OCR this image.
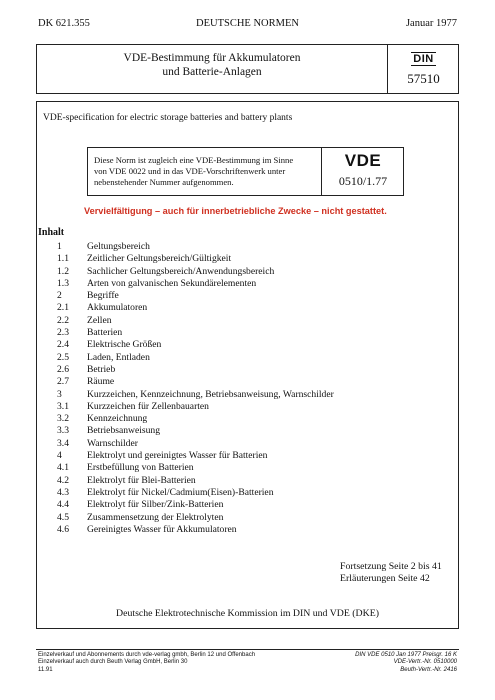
DK 621.355	DEUTSCHE NORMEN	Januar 1977
VDE-Bestimmung für Akkumulatoren
und Batterie-Anlagen
DIN
57510
VDE-specification for electric storage batteries and battery plants
Diese Norm ist zugleich eine VDE-Bestimmung im Sinne
von VDE 0022 und in das VDE-Vorschriftenwerk unter
nebenstehender Nummer aufgenommen.
VDE
0510/1.77
Vervielfältigung – auch für innerbetriebliche Zwecke – nicht gestattet.
Inhalt
1	Geltungsbereich
1.1 Zeitlicher Geltungsbereich/Gültigkeit
1.2 Sachlicher Geltungsbereich/Anwendungsbereich
1.3 Arten von galvanischen Sekundärelementen
2	Begriffe
2.1 Akkumulatoren
2.2 Zellen
2.3 Batterien
2.4 Elektrische Größen
2.5 Laden, Entladen
2.6 Betrieb
2.7 Räume
3	Kurzzeichen, Kennzeichnung, Betriebsanweisung, Warnschilder
3.1 Kurzzeichen für Zellenbauarten
3.2 Kennzeichnung
3.3 Betriebsanweisung
3.4 Warnschilder
4	Elektrolyt und gereinigtes Wasser für Batterien
4.1 Erstbefüllung von Batterien
4.2 Elektrolyt für Blei-Batterien
4.3 Elektrolyt für Nickel/Cadmium(Eisen)-Batterien
4.4 Elektrolyt für Silber/Zink-Batterien
4.5 Zusammensetzung der Elektrolyten
4.6 Gereinigtes Wasser für Akkumulatoren
Fortsetzung Seite 2 bis 41
Erläuterungen Seite 42
Deutsche Elektrotechnische Kommission im DIN und VDE (DKE)
Einzelverkauf und Abonnements durch vde-verlag gmbh, Berlin 12 und Offenbach
Einzelverkauf auch durch Beuth Verlag GmbH, Berlin 30
11.91
DIN VDE 0510 Jan 1977 Preisgr. 16 K
VDE-Vertr.-Nr. 0510000
Beuth-Vertr.-Nr. 2416
